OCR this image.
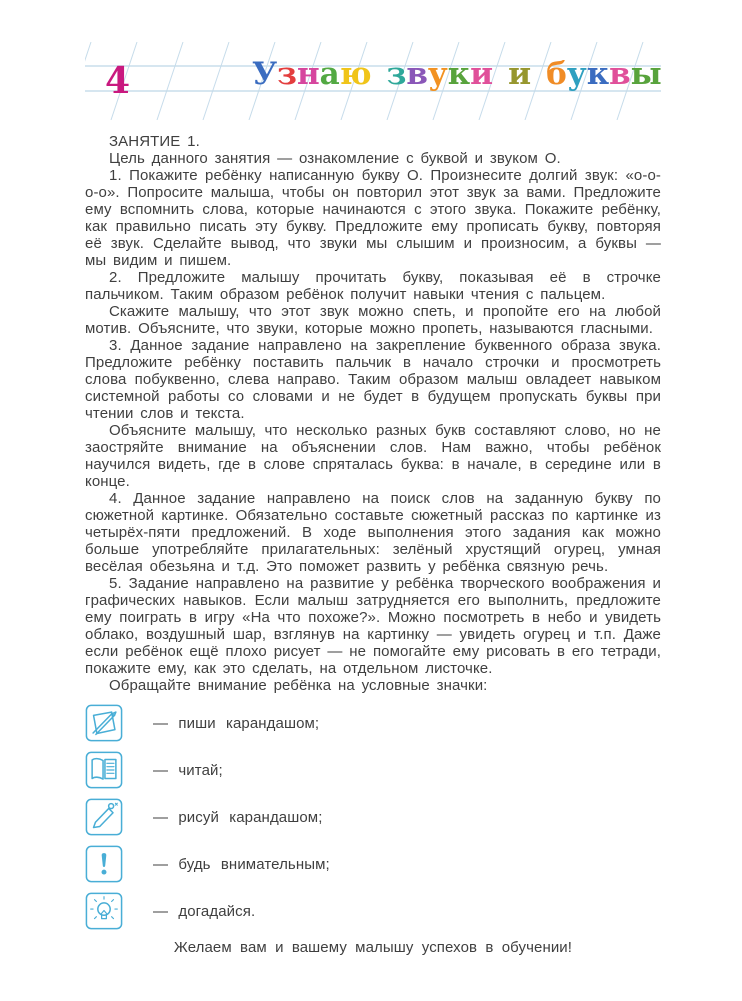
4	Узнаю звуки и буквы

ЗАНЯТИЕ 1.

Цель данного занятия — ознакомление с буквой и звуком О.

1. Покажите ребёнку написанную букву О. Произнесите долгий звук: «о-о-о-о». Попросите малыша, чтобы он повторил этот звук за вами. Предложите ему вспомнить слова, которые начинаются с этого звука. Покажите ребёнку, как правильно писать эту букву. Предложите ему прописать букву, повторяя её звук. Сделайте вывод, что звуки мы слышим и произносим, а буквы — мы видим и пишем.

2. Предложите малышу прочитать букву, показывая её в строчке пальчиком. Таким образом ребёнок получит навыки чтения с пальцем.

Скажите малышу, что этот звук можно спеть, и пропойте его на любой мотив. Объясните, что звуки, которые можно пропеть, называются гласными.

3. Данное задание направлено на закрепление буквенного образа звука. Предложите ребёнку поставить пальчик в начало строчки и просмотреть слова побуквенно, слева направо. Таким образом малыш овладеет навыком системной работы со словами и не будет в будущем пропускать буквы при чтении слов и текста.

Объясните малышу, что несколько разных букв составляют слово, но не заостряйте внимание на объяснении слов. Нам важно, чтобы ребёнок научился видеть, где в слове спряталась буква: в начале, в середине или в конце.

4. Данное задание направлено на поиск слов на заданную букву по сюжетной картинке. Обязательно составьте сюжетный рассказ по картинке из четырёх-пяти предложений. В ходе выполнения этого задания как можно больше употребляйте прилагательных: зелёный хрустящий огурец, умная весёлая обезьяна и т.д. Это поможет развить у ребёнка связную речь.

5. Задание направлено на развитие у ребёнка творческого воображения и графических навыков. Если малыш затрудняется его выполнить, предложите ему поиграть в игру «На что похоже?». Можно посмотреть в небо и увидеть облако, воздушный шар, взглянув на картинку — увидеть огурец и т.п. Даже если ребёнок ещё плохо рисует — не помогайте ему рисовать в его тетради, покажите ему, как это сделать, на отдельном листочке.

Обращайте внимание ребёнка на условные значки:

— пиши карандашом;
— читай;
— рисуй карандашом;
— будь внимательным;
— догадайся.
Желаем вам и вашему малышу успехов в обучении!
